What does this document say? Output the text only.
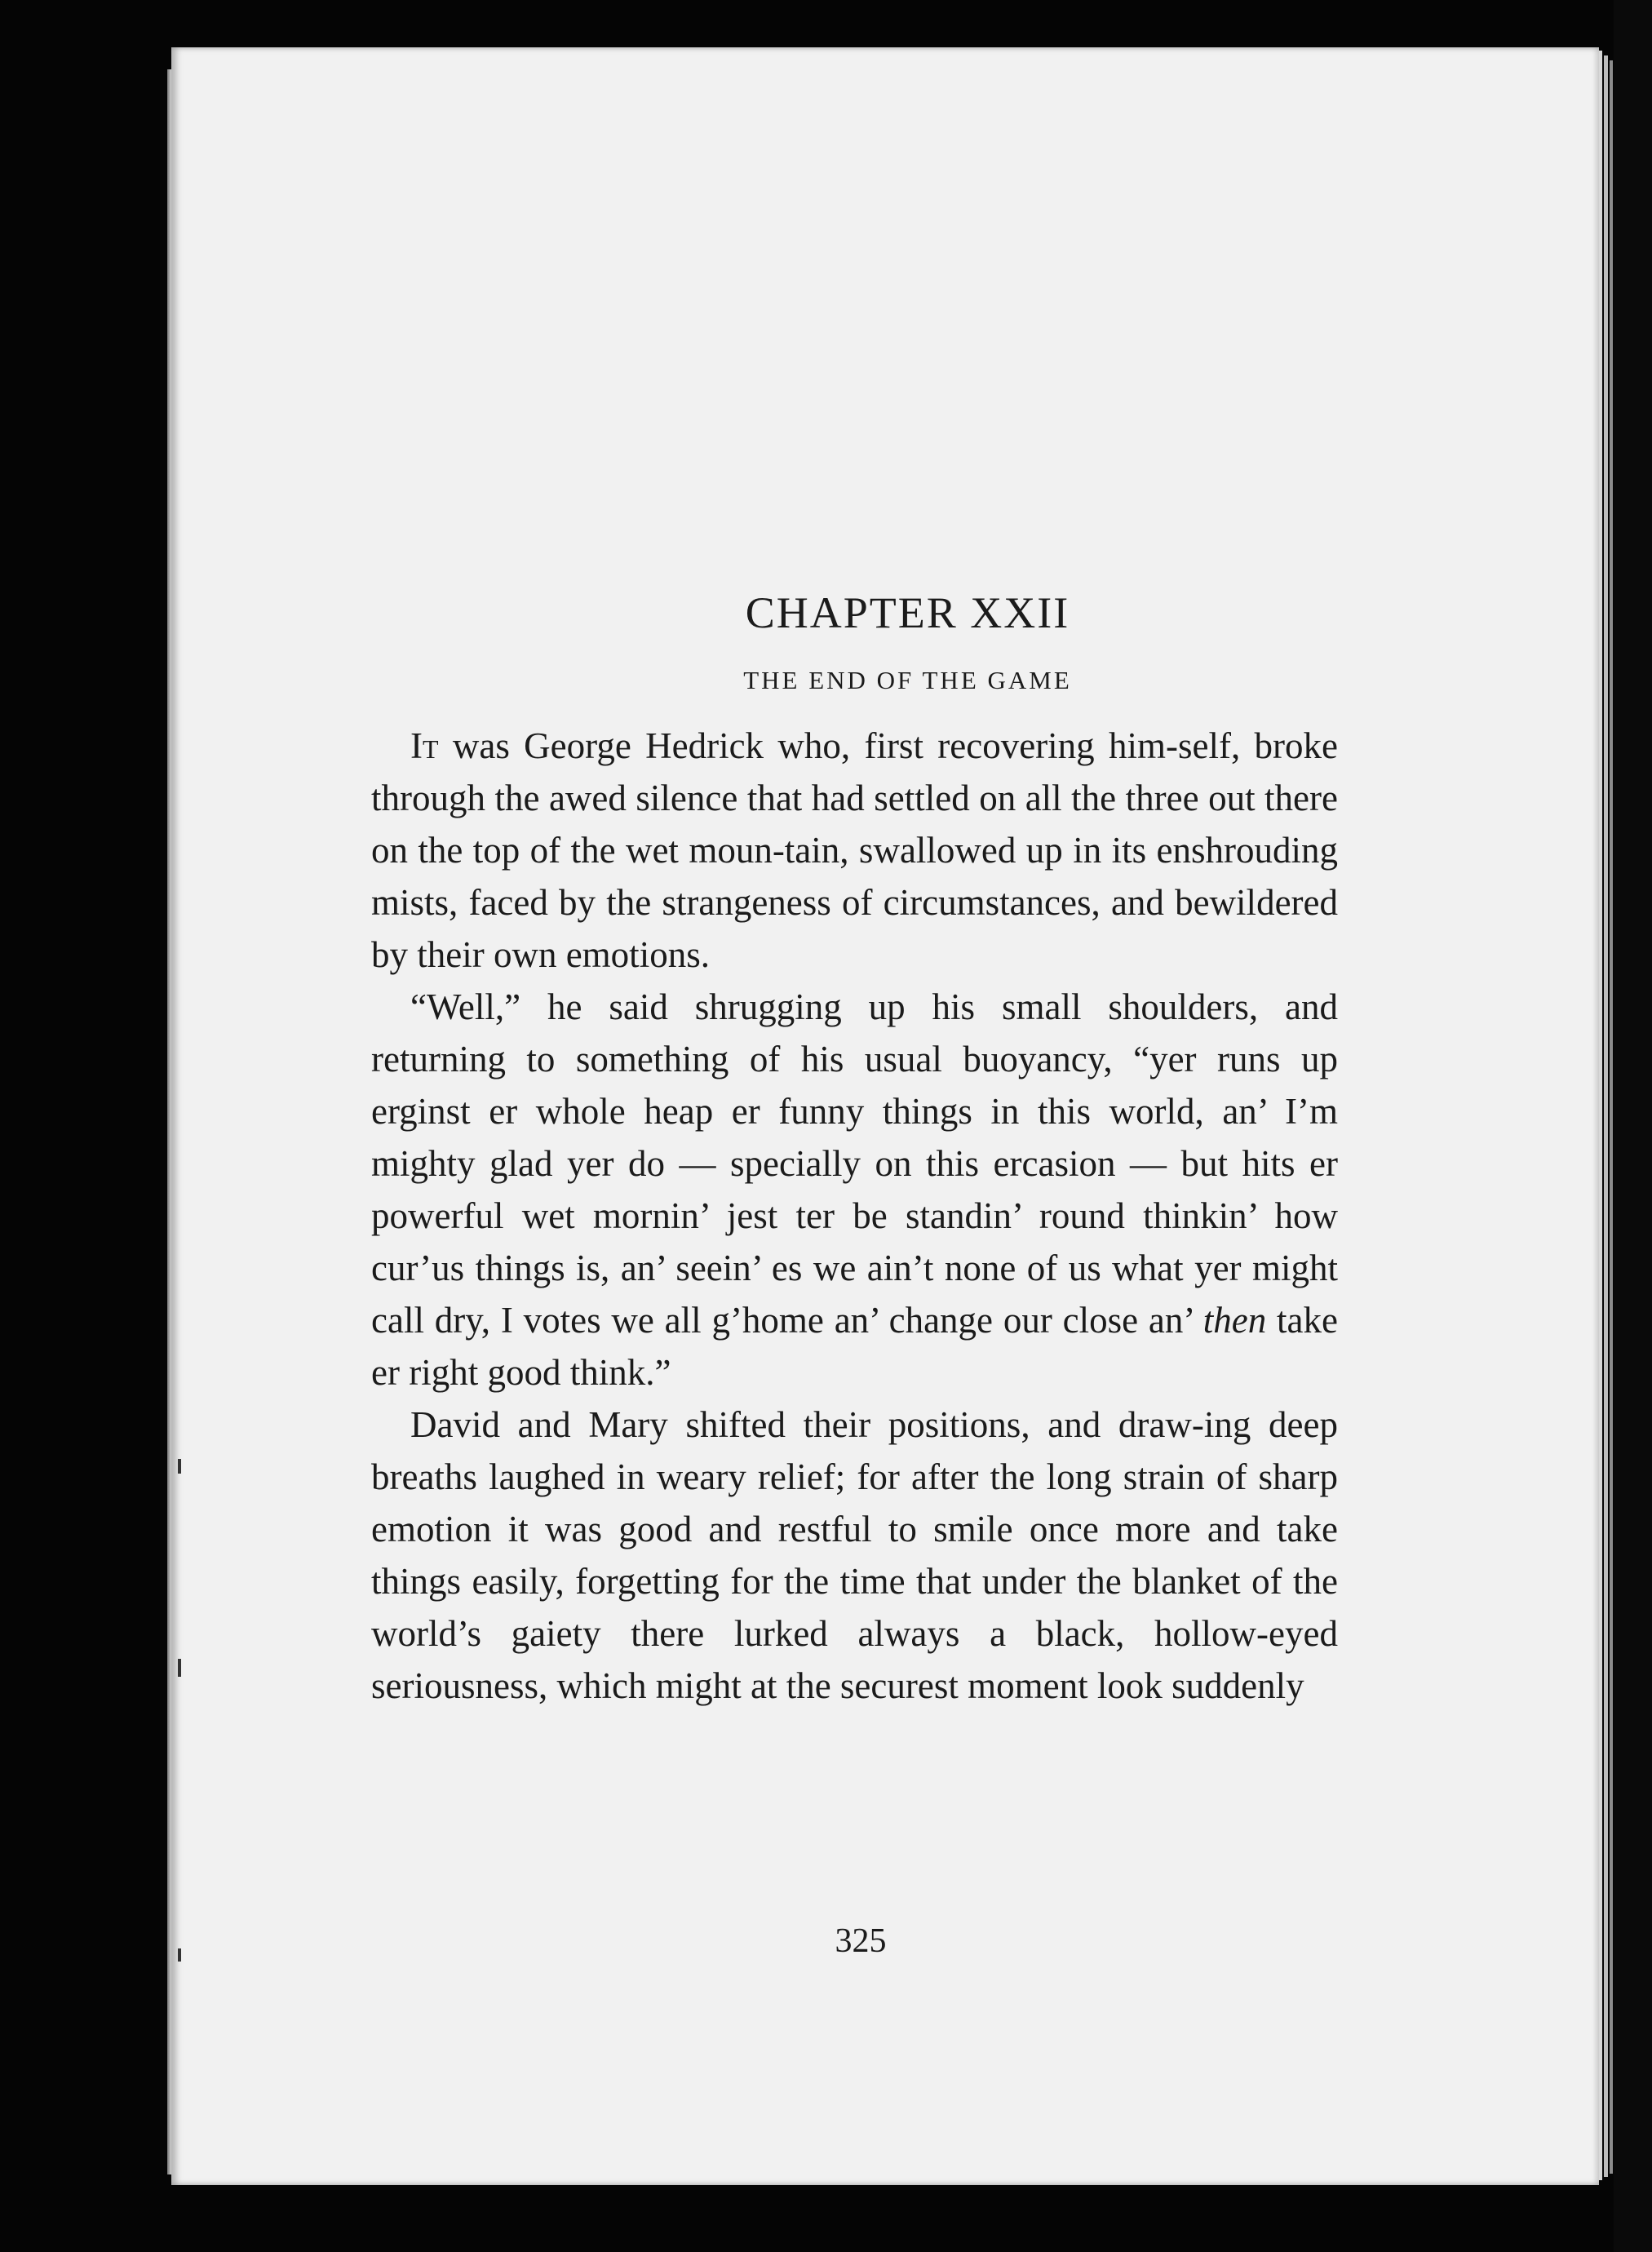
CHAPTER XXII
THE END OF THE GAME

It was George Hedrick who, first recovering him-self, broke through the awed silence that had settled on all the three out there on the top of the wet moun-tain, swallowed up in its enshrouding mists, faced by the strangeness of circumstances, and bewildered by their own emotions.

“Well,” he said shrugging up his small shoulders, and returning to something of his usual buoyancy, “yer runs up erginst er whole heap er funny things in this world, an’ I’m mighty glad yer do — specially on this ercasion — but hits er powerful wet mornin’ jest ter be standin’ round thinkin’ how cur’us things is, an’ seein’ es we ain’t none of us what yer might call dry, I votes we all g’home an’ change our close an’ then take er right good think.”

David and Mary shifted their positions, and draw-ing deep breaths laughed in weary relief; for after the long strain of sharp emotion it was good and restful to smile once more and take things easily, forgetting for the time that under the blanket of the world’s gaiety there lurked always a black, hollow-eyed seriousness, which might at the securest moment look suddenly

325
